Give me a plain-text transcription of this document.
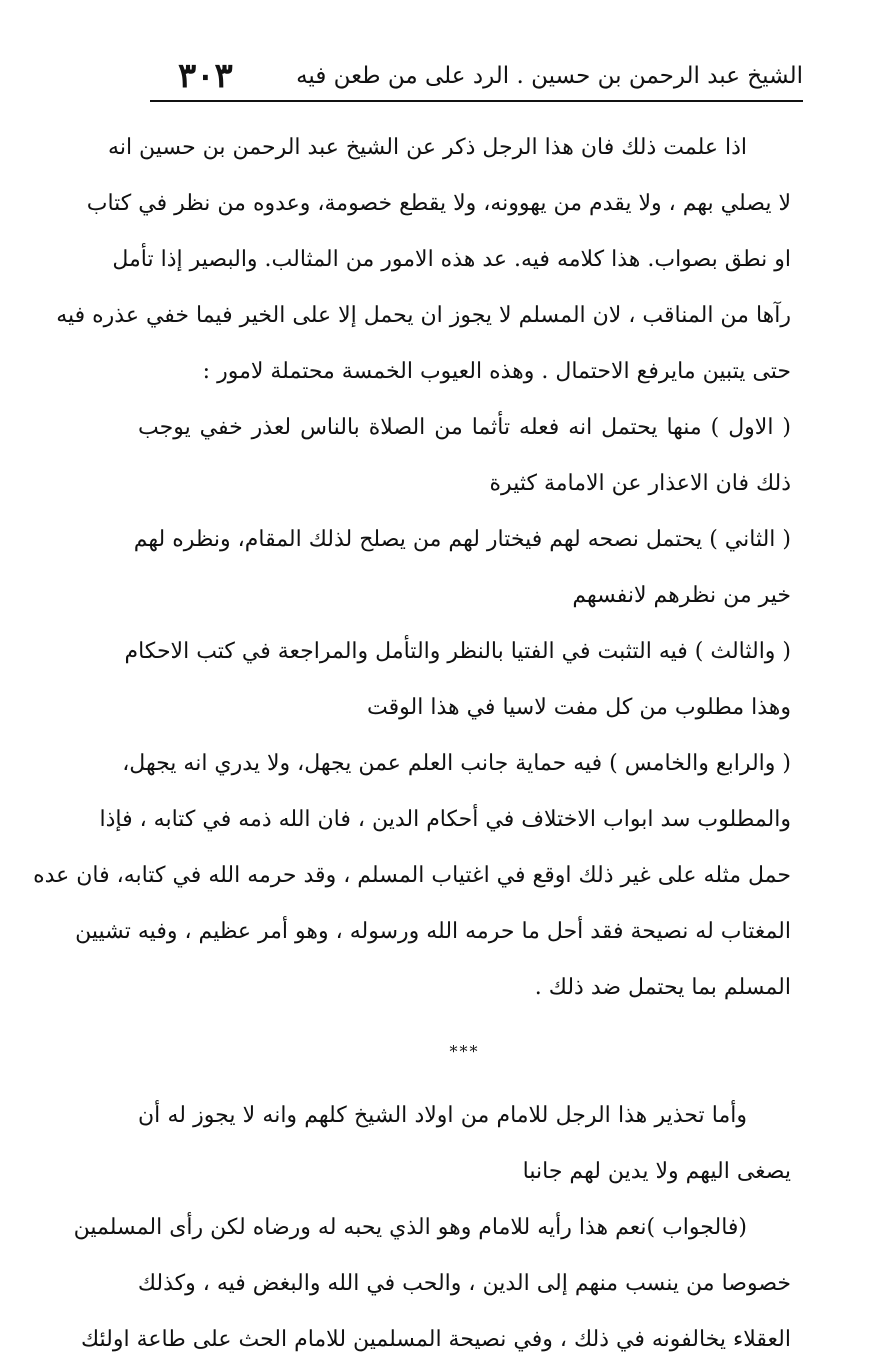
الشيخ عبد الرحمن بن حسين . الرد على من طعن فيه
٣٠٣
اذا علمت ذلك فان هذا الرجل ذكر عن الشيخ عبد الرحمن بن حسين انه
لا يصلي بهم ، ولا يقدم من يهوونه، ولا يقطع خصومة، وعدوه من نظر في كتاب
او نطق بصواب. هذا كلامه فيه. عد هذه الامور من المثالب. والبصير إذا تأمل
رآها من المناقب ، لان المسلم لا يجوز ان يحمل إلا على الخير فيما خفي عذره فيه
حتى يتبين مايرفع الاحتمال . وهذه العيوب الخمسة محتملة لامور :
( الاول ) منها يحتمل انه فعله تأثما من الصلاة بالناس لعذر خفي يوجب
ذلك فان الاعذار عن الامامة كثيرة
( الثاني ) يحتمل نصحه لهم فيختار لهم من يصلح لذلك المقام، ونظره لهم
خير من نظرهم لانفسهم
( والثالث ) فيه التثبت في الفتيا بالنظر والتأمل والمراجعة في كتب الاحكام
وهذا مطلوب من كل مفت لاسيا في هذا الوقت
( والرابع والخامس ) فيه حماية جانب العلم عمن يجهل، ولا يدري انه يجهل،
والمطلوب سد ابواب الاختلاف في أحكام الدين ، فان الله ذمه في كتابه ، فإذا
حمل مثله على غير ذلك اوقع في اغتياب المسلم ، وقد حرمه الله في كتابه، فان عده
المغتاب له نصيحة فقد أحل ما حرمه الله ورسوله ، وهو أمر عظيم ، وفيه تشيين
المسلم بما يحتمل ضد ذلك .
***
وأما تحذير هذا الرجل للامام من اولاد الشيخ كلهم وانه لا يجوز له أن
يصغى اليهم ولا يدين لهم جانبا
(فالجواب )نعم هذا رأيه للامام وهو الذي يحبه له ورضاه لكن رأى المسلمين
خصوصا من ينسب منهم إلى الدين ، والحب في الله والبغض فيه ، وكذلك
العقلاء يخالفونه في ذلك ، وفي نصيحة المسلمين للامام الحث على طاعة اولئك
